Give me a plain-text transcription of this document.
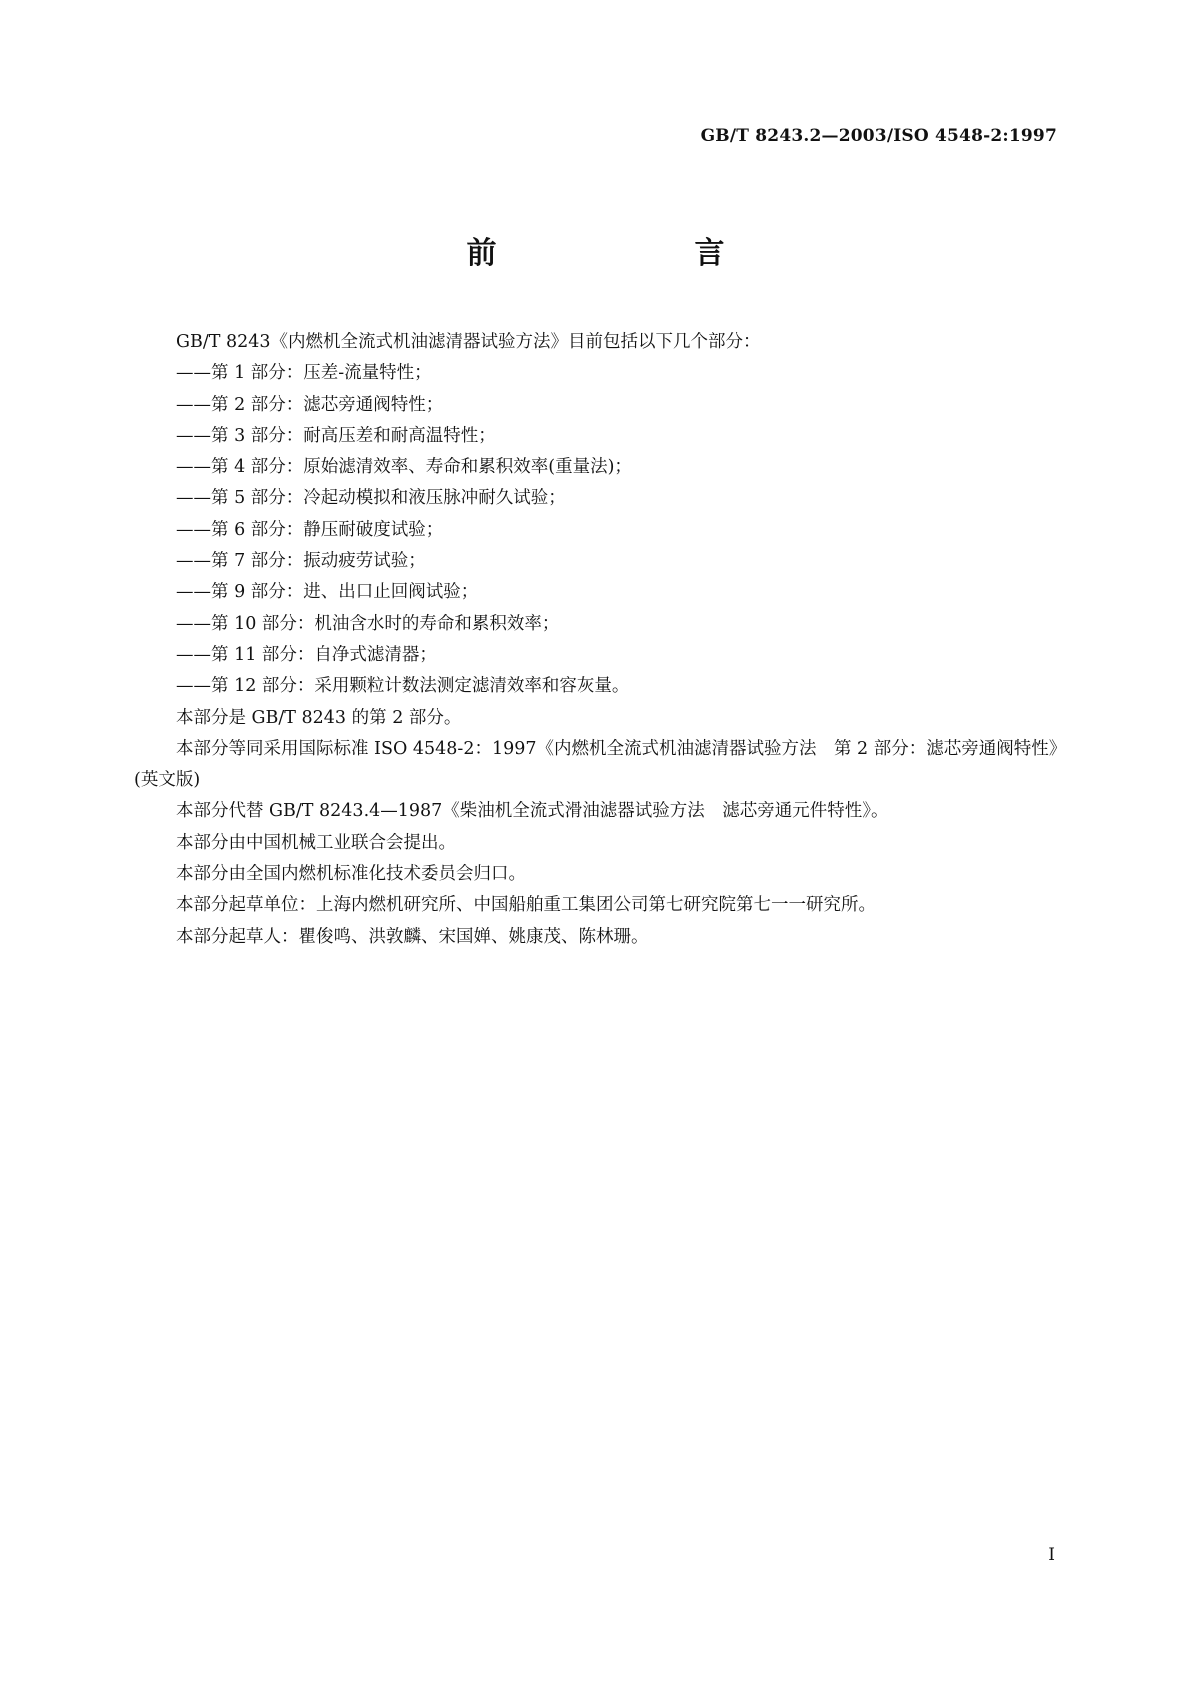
GB/T 8243.2—2003/ISO 4548-2:1997
前　　言

GB/T 8243《内燃机全流式机油滤清器试验方法》目前包括以下几个部分：

——第 1 部分：压差-流量特性；

——第 2 部分：滤芯旁通阀特性；

——第 3 部分：耐高压差和耐高温特性；

——第 4 部分：原始滤清效率、寿命和累积效率(重量法)；

——第 5 部分：冷起动模拟和液压脉冲耐久试验；

——第 6 部分：静压耐破度试验；

——第 7 部分：振动疲劳试验；

——第 9 部分：进、出口止回阀试验；

——第 10 部分：机油含水时的寿命和累积效率；

——第 11 部分：自净式滤清器；

——第 12 部分：采用颗粒计数法测定滤清效率和容灰量。

本部分是 GB/T 8243 的第 2 部分。

本部分等同采用国际标准 ISO 4548-2：1997《内燃机全流式机油滤清器试验方法　第 2 部分：滤芯旁通阀特性》(英文版)

本部分代替 GB/T 8243.4—1987《柴油机全流式滑油滤器试验方法　滤芯旁通元件特性》。

本部分由中国机械工业联合会提出。

本部分由全国内燃机标准化技术委员会归口。

本部分起草单位：上海内燃机研究所、中国船舶重工集团公司第七研究院第七一一研究所。

本部分起草人：瞿俊鸣、洪敦麟、宋国婵、姚康茂、陈林珊。

I
